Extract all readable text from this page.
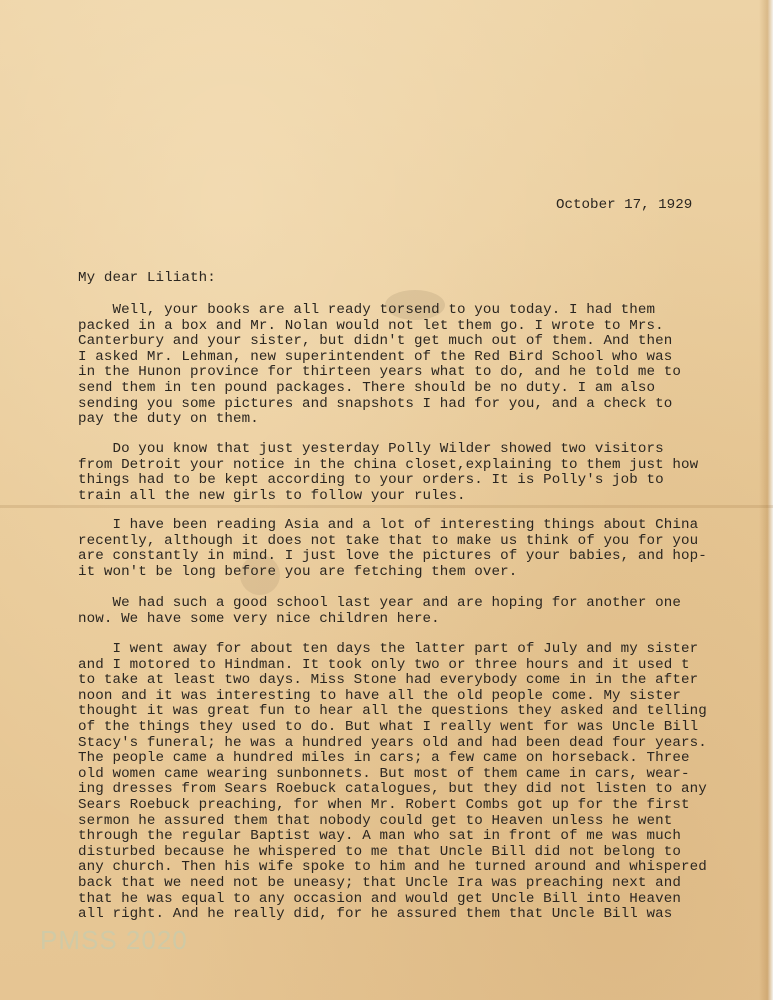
October 17, 1929
My dear Liliath:
Well, your books are all ready torsend to you today. I had them
packed in a box and Mr. Nolan would not let them go. I wrote to Mrs.
Canterbury and your sister, but didn't get much out of them. And then
I asked Mr. Lehman, new superintendent of the Red Bird School who was
in the Hunon province for thirteen years what to do, and he told me to
send them in ten pound packages. There should be no duty. I am also
sending you some pictures and snapshots I had for you, and a check to
pay the duty on them.
Do you know that just yesterday Polly Wilder showed two visitors
from Detroit your notice in the china closet,explaining to them just how
things had to be kept according to your orders. It is Polly's job to
train all the new girls to follow your rules.
I have been reading Asia and a lot of interesting things about China
recently, although it does not take that to make us think of you for you
are constantly in mind. I just love the pictures of your babies, and hop-
it won't be long before you are fetching them over.
We had such a good school last year and are hoping for another one
now. We have some very nice children here.
I went away for about ten days the latter part of July and my sister
and I motored to Hindman. It took only two or three hours and it used t
to take at least two days. Miss Stone had everybody come in in the after
noon and it was interesting to have all the old people come. My sister
thought it was great fun to hear all the questions they asked and telling
of the things they used to do. But what I really went for was Uncle Bill
Stacy's funeral; he was a hundred years old and had been dead four years.
The people came a hundred miles in cars; a few came on horseback. Three
old women came wearing sunbonnets. But most of them came in cars, wear-
ing dresses from Sears Roebuck catalogues, but they did not listen to any
Sears Roebuck preaching, for when Mr. Robert Combs got up for the first
sermon he assured them that nobody could get to Heaven unless he went
through the regular Baptist way. A man who sat in front of me was much
disturbed because he whispered to me that Uncle Bill did not belong to
any church. Then his wife spoke to him and he turned around and whispered
back that we need not be uneasy; that Uncle Ira was preaching next and
that he was equal to any occasion and would get Uncle Bill into Heaven
all right. And he really did, for he assured them that Uncle Bill was
PMSS 2020
